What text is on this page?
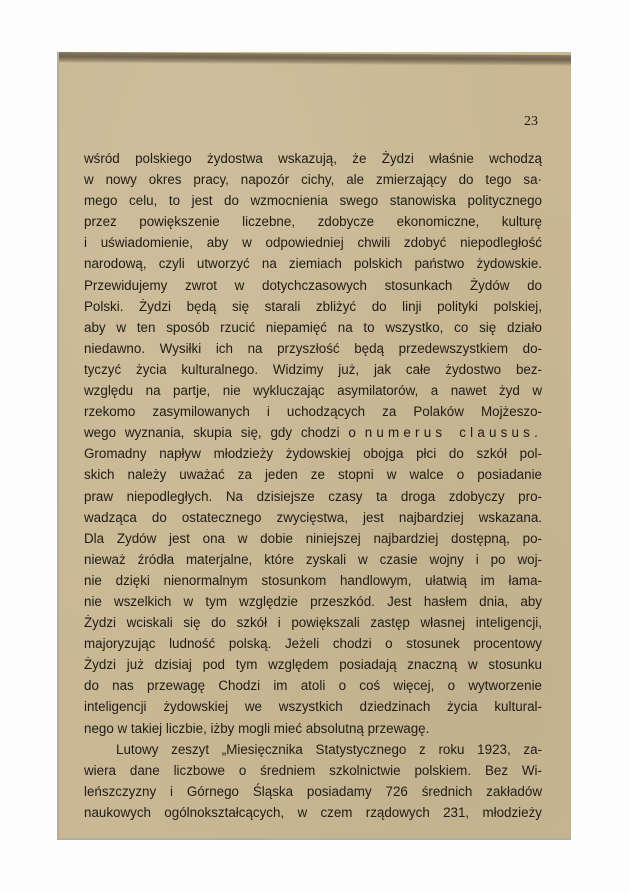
23
wśród polskiego żydostwa wskazują, że Żydzi właśnie wchodzą
w nowy okres pracy, napozór cichy, ale zmierzający do tego sa·
mego celu, to jest do wzmocnienia swego stanowiska politycznego
przez powiększenie liczebne, zdobycze ekonomiczne, kulturę
i uświadomienie, aby w odpowiedniej chwili zdobyć niepodległość
narodową, czyli utworzyć na ziemiach polskich państwo żydowskie.
Przewidujemy zwrot w dotychczasowych stosunkach Żydów do
Polski. Żydzi będą się starali zbliżyć do linji polityki polskiej,
aby w ten sposób rzucić niepamięć na to wszystko, co się działo
niedawno. Wysiłki ich na przyszłość będą przedewszystkiem do-
tyczyć życia kulturalnego. Widzimy już, jak całe żydostwo bez-
względu na partje, nie wykluczając asymilatorów, a nawet żyd w
rzekomo zasymilowanych i uchodzących za Polaków Mojżeszo-
wego wyznania, skupia się, gdy chodzi o numerus clausus.
Gromadny napływ młodzieży żydowskiej obojga płci do szkół pol-
skich należy uważać za jeden ze stopni w walce o posiadanie
praw niepodległych. Na dzisiejsze czasy ta droga zdobyczy pro-
wadząca do ostatecznego zwycięstwa, jest najbardziej wskazana.
Dla Zydów jest ona w dobie niniejszej najbardziej dostępną, po-
nieważ źródła materjalne, które zyskali w czasie wojny i po woj-
nie dzięki nienormalnym stosunkom handlowym, ułatwią im łama-
nie wszelkich w tym względzie przeszkód. Jest hasłem dnia, aby
Żydzi wciskali się do szkół i powiększali zastęp własnej inteligencji,
majoryzując ludność polską. Jeżeli chodzi o stosunek procentowy
Żydzi już dzisiaj pod tym względem posiadają znaczną w stosunku
do nas przewagę Chodzi im atoli o coś więcej, o wytworzenie
inteligencji żydowskiej we wszystkich dziedzinach życia kultural-
nego w takiej liczbie, iżby mogli mieć absolutną przewagę.
Lutowy zeszyt „Miesięcznika Statystycznego z roku 1923, za-
wiera dane liczbowe o średniem szkolnictwie polskiem. Bez Wi-
leńszczyzny i Górnego Śląska posiadamy 726 średnich zakładów
naukowych ogólnokształcących, w czem rządowych 231, młodzieży
